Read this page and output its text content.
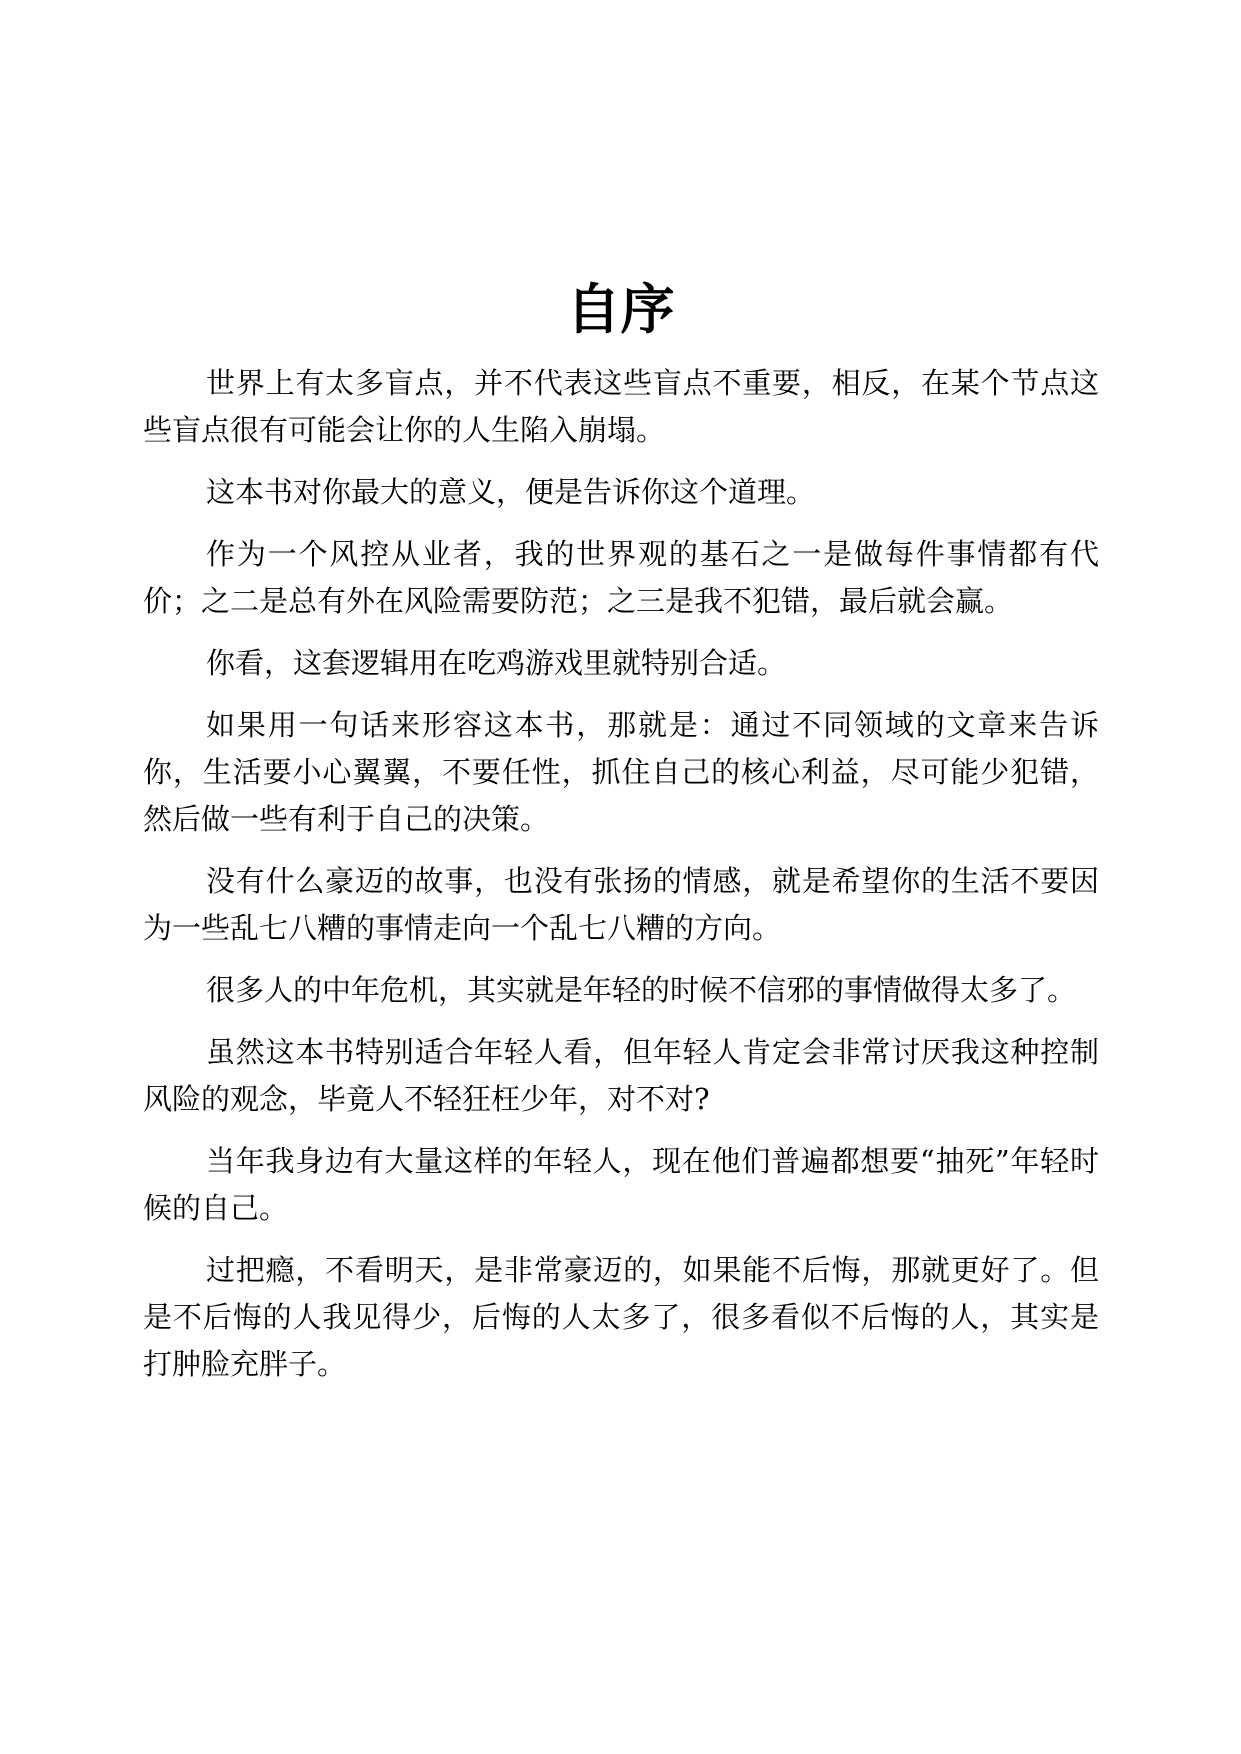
自序

世界上有太多盲点，并不代表这些盲点不重要，相反，在某个节点这些盲点很有可能会让你的人生陷入崩塌。

这本书对你最大的意义，便是告诉你这个道理。

作为一个风控从业者，我的世界观的基石之一是做每件事情都有代价；之二是总有外在风险需要防范；之三是我不犯错，最后就会赢。

你看，这套逻辑用在吃鸡游戏里就特别合适。

如果用一句话来形容这本书，那就是：通过不同领域的文章来告诉你，生活要小心翼翼，不要任性，抓住自己的核心利益，尽可能少犯错，然后做一些有利于自己的决策。

没有什么豪迈的故事，也没有张扬的情感，就是希望你的生活不要因为一些乱七八糟的事情走向一个乱七八糟的方向。

很多人的中年危机，其实就是年轻的时候不信邪的事情做得太多了。

虽然这本书特别适合年轻人看，但年轻人肯定会非常讨厌我这种控制风险的观念，毕竟人不轻狂枉少年，对不对?

当年我身边有大量这样的年轻人，现在他们普遍都想要“抽死”年轻时候的自己。

过把瘾，不看明天，是非常豪迈的，如果能不后悔，那就更好了。但是不后悔的人我见得少，后悔的人太多了，很多看似不后悔的人，其实是打肿脸充胖子。
